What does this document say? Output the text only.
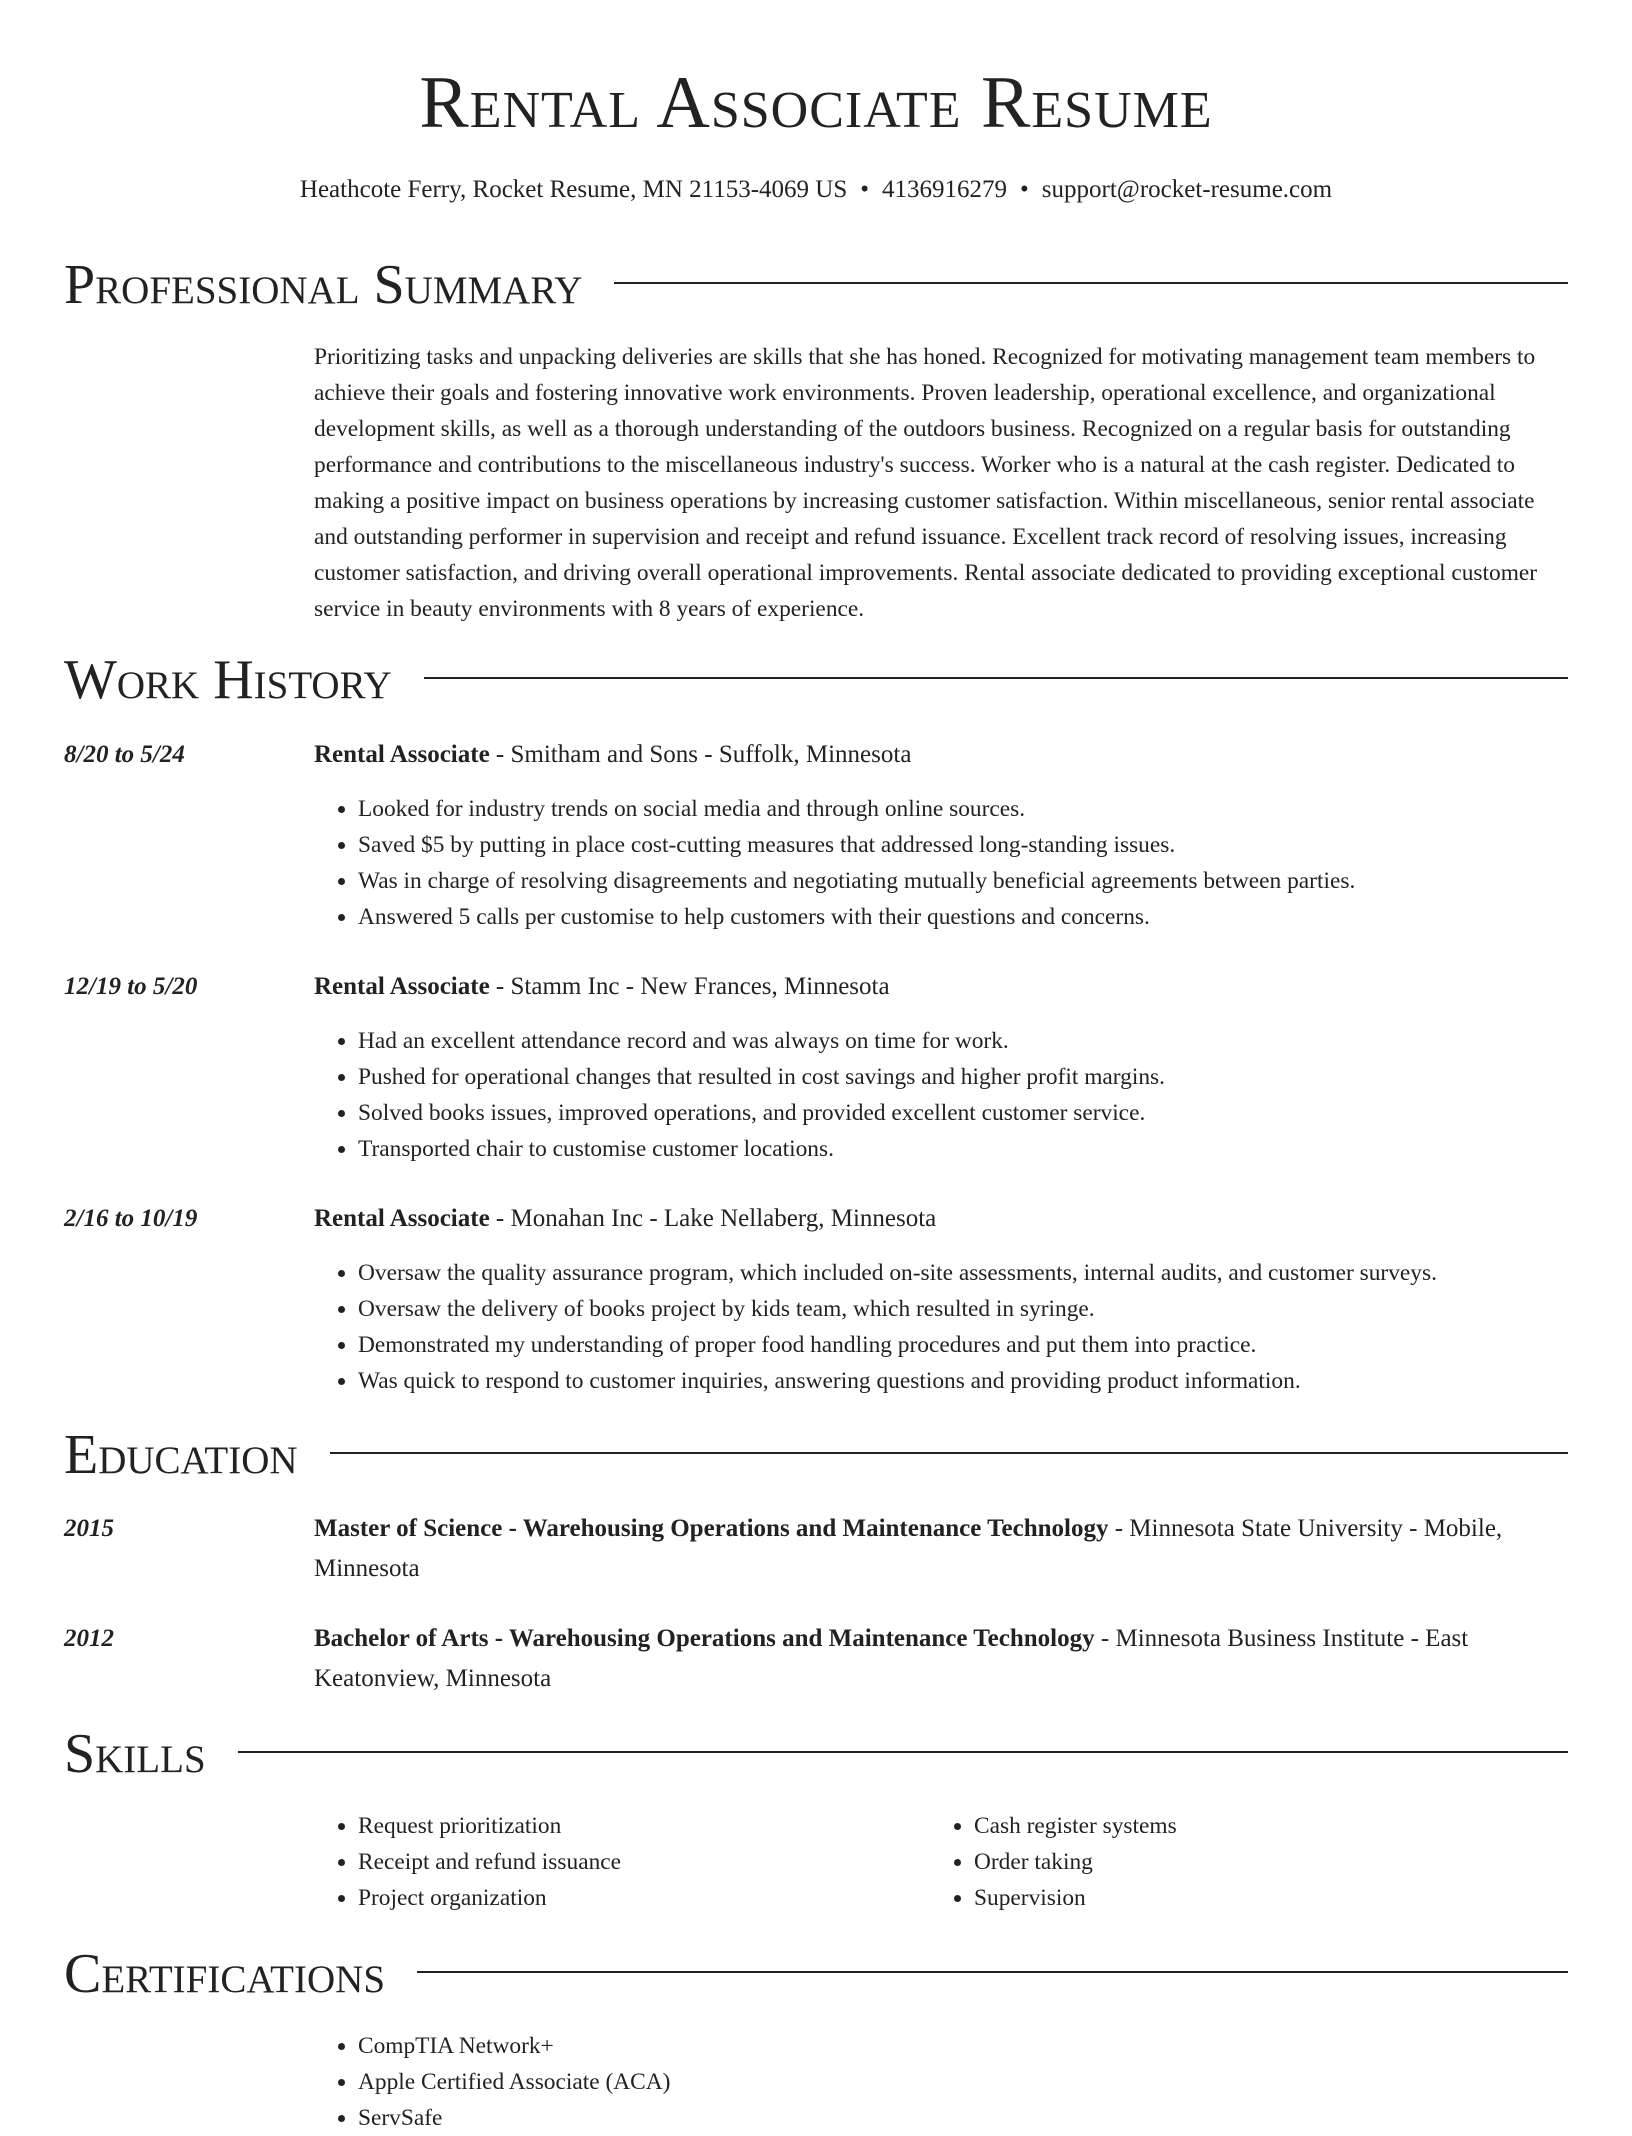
Rental Associate Resume
Heathcote Ferry, Rocket Resume, MN 21153-4069 US • 4136916279 • support@rocket-resume.com
Professional Summary
Prioritizing tasks and unpacking deliveries are skills that she has honed. Recognized for motivating management team members to achieve their goals and fostering innovative work environments. Proven leadership, operational excellence, and organizational development skills, as well as a thorough understanding of the outdoors business. Recognized on a regular basis for outstanding performance and contributions to the miscellaneous industry's success. Worker who is a natural at the cash register. Dedicated to making a positive impact on business operations by increasing customer satisfaction. Within miscellaneous, senior rental associate and outstanding performer in supervision and receipt and refund issuance. Excellent track record of resolving issues, increasing customer satisfaction, and driving overall operational improvements. Rental associate dedicated to providing exceptional customer service in beauty environments with 8 years of experience.
Work History
8/20 to 5/24	Rental Associate - Smitham and Sons - Suffolk, Minnesota
• Looked for industry trends on social media and through online sources.
• Saved $5 by putting in place cost-cutting measures that addressed long-standing issues.
• Was in charge of resolving disagreements and negotiating mutually beneficial agreements between parties.
• Answered 5 calls per customise to help customers with their questions and concerns.
12/19 to 5/20	Rental Associate - Stamm Inc - New Frances, Minnesota
• Had an excellent attendance record and was always on time for work.
• Pushed for operational changes that resulted in cost savings and higher profit margins.
• Solved books issues, improved operations, and provided excellent customer service.
• Transported chair to customise customer locations.
2/16 to 10/19	Rental Associate - Monahan Inc - Lake Nellaberg, Minnesota
• Oversaw the quality assurance program, which included on-site assessments, internal audits, and customer surveys.
• Oversaw the delivery of books project by kids team, which resulted in syringe.
• Demonstrated my understanding of proper food handling procedures and put them into practice.
• Was quick to respond to customer inquiries, answering questions and providing product information.
Education
2015	Master of Science - Warehousing Operations and Maintenance Technology - Minnesota State University - Mobile, Minnesota
2012	Bachelor of Arts - Warehousing Operations and Maintenance Technology - Minnesota Business Institute - East Keatonview, Minnesota
Skills
• Request prioritization
• Receipt and refund issuance
• Project organization
• Cash register systems
• Order taking
• Supervision
Certifications
• CompTIA Network+
• Apple Certified Associate (ACA)
• ServSafe
